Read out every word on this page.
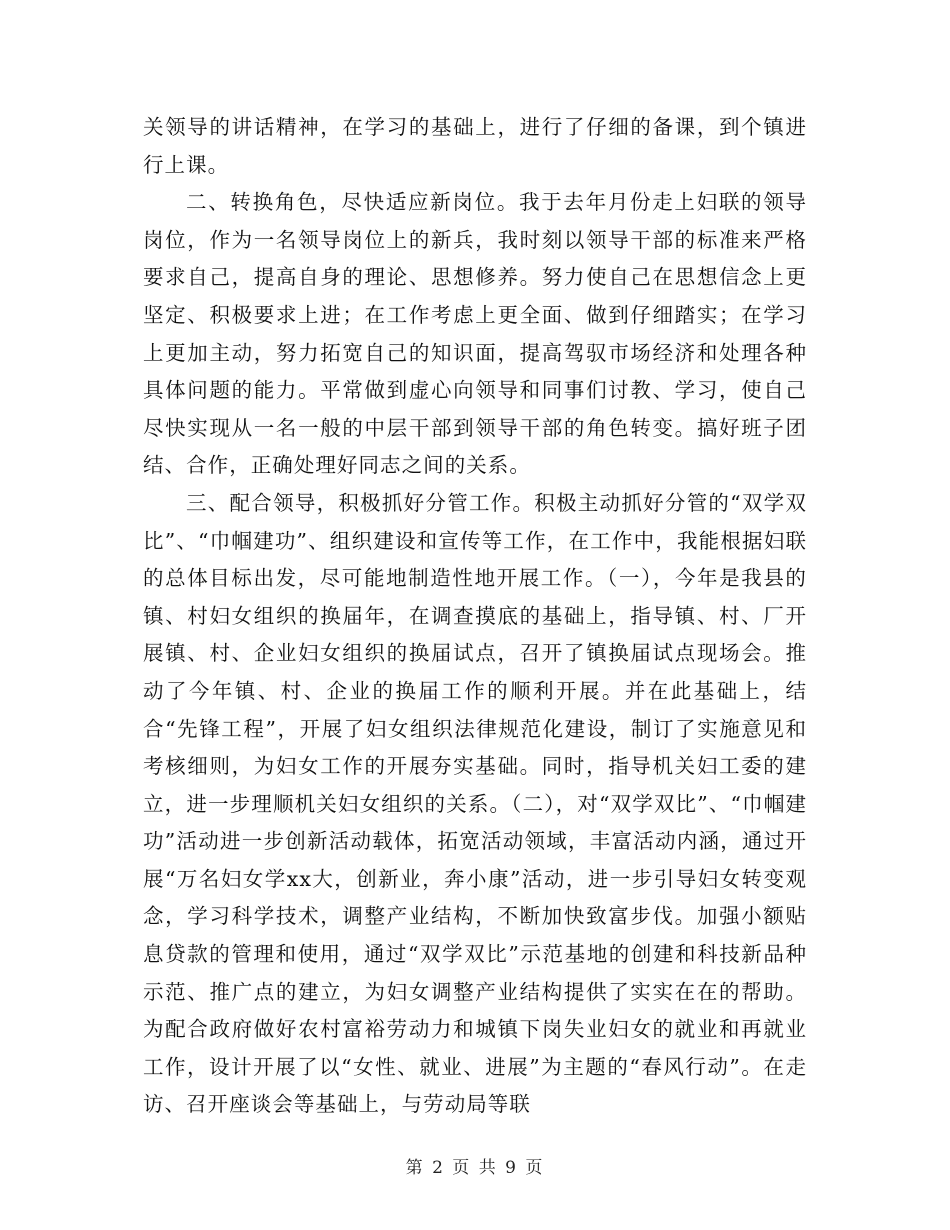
关领导的讲话精神，在学习的基础上，进行了仔细的备课，到个镇进行上课。

二、转换角色，尽快适应新岗位。我于去年月份走上妇联的领导岗位，作为一名领导岗位上的新兵，我时刻以领导干部的标准来严格要求自己，提高自身的理论、思想修养。努力使自己在思想信念上更坚定、积极要求上进；在工作考虑上更全面、做到仔细踏实；在学习上更加主动，努力拓宽自己的知识面，提高驾驭市场经济和处理各种具体问题的能力。平常做到虚心向领导和同事们讨教、学习，使自己尽快实现从一名一般的中层干部到领导干部的角色转变。搞好班子团结、合作，正确处理好同志之间的关系。

三、配合领导，积极抓好分管工作。积极主动抓好分管的“双学双比”、“巾帼建功”、组织建设和宣传等工作，在工作中，我能根据妇联的总体目标出发，尽可能地制造性地开展工作。（一），今年是我县的镇、村妇女组织的换届年，在调查摸底的基础上，指导镇、村、厂开展镇、村、企业妇女组织的换届试点，召开了镇换届试点现场会。推动了今年镇、村、企业的换届工作的顺利开展。并在此基础上，结合“先锋工程”，开展了妇女组织法律规范化建设，制订了实施意见和考核细则，为妇女工作的开展夯实基础。同时，指导机关妇工委的建立，进一步理顺机关妇女组织的关系。（二），对“双学双比”、“巾帼建功”活动进一步创新活动载体，拓宽活动领域，丰富活动内涵，通过开展“万名妇女学xx大，创新业，奔小康”活动，进一步引导妇女转变观念，学习科学技术，调整产业结构，不断加快致富步伐。加强小额贴息贷款的管理和使用，通过“双学双比”示范基地的创建和科技新品种示范、推广点的建立，为妇女调整产业结构提供了实实在在的帮助。为配合政府做好农村富裕劳动力和城镇下岗失业妇女的就业和再就业工作，设计开展了以“女性、就业、进展”为主题的“春风行动”。在走访、召开座谈会等基础上，与劳动局等联

第 2 页 共 9 页
